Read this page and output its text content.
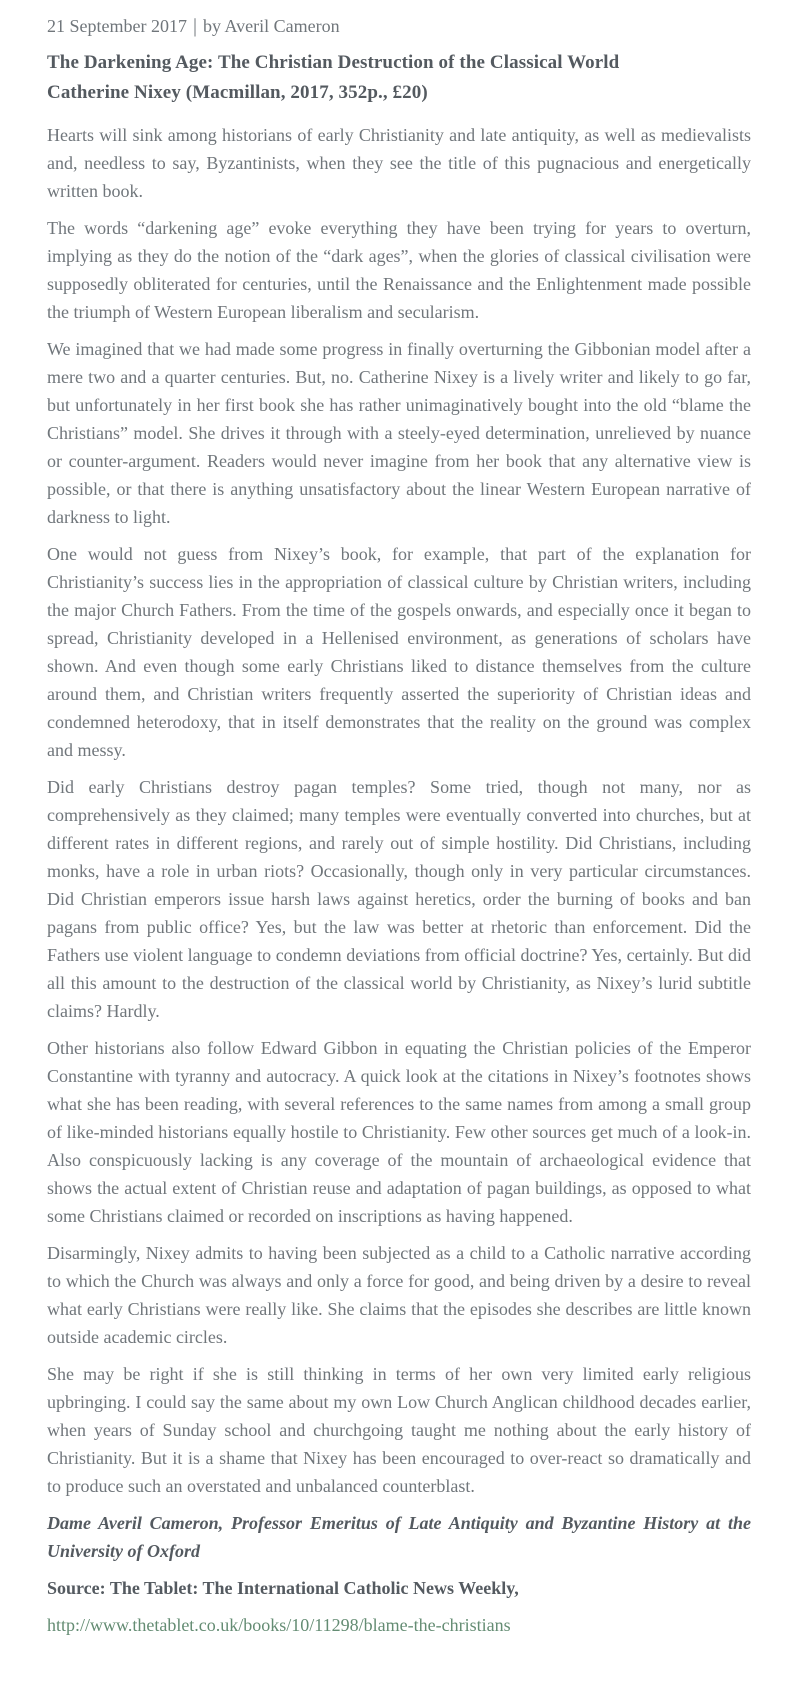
21 September 2017 | by Averil Cameron
The Darkening Age: The Christian Destruction of the Classical World
Catherine Nixey (Macmillan, 2017, 352p., £20)

Hearts will sink among historians of early Christianity and late antiquity, as well as medievalists and, needless to say, Byzantinists, when they see the title of this pugnacious and energetically written book.

The words “darkening age” evoke everything they have been trying for years to overturn, implying as they do the notion of the “dark ages”, when the glories of classical civilisation were supposedly obliterated for centuries, until the Renaissance and the Enlightenment made possible the triumph of Western European liberalism and secularism.

We imagined that we had made some progress in finally overturning the Gibbonian model after a mere two and a quarter centuries. But, no. Catherine Nixey is a lively writer and likely to go far, but unfortunately in her first book she has rather unimaginatively bought into the old “blame the Christians” model. She drives it through with a steely-eyed determination, unrelieved by nuance or counter-argument. Readers would never imagine from her book that any alternative view is possible, or that there is anything unsatisfactory about the linear Western European narrative of darkness to light.

One would not guess from Nixey’s book, for example, that part of the explanation for Christianity’s success lies in the appropriation of classical culture by Christian writers, including the major Church Fathers. From the time of the gospels onwards, and especially once it began to spread, Christianity developed in a Hellenised environment, as generations of scholars have shown. And even though some early Christians liked to distance themselves from the culture around them, and Christian writers frequently asserted the superiority of Christian ideas and condemned heterodoxy, that in itself demonstrates that the reality on the ground was complex and messy.

Did early Christians destroy pagan temples? Some tried, though not many, nor as comprehensively as they claimed; many temples were eventually converted into churches, but at different rates in different regions, and rarely out of simple hostility. Did Christians, including monks, have a role in urban riots? Occasionally, though only in very particular circumstances. Did Christian emperors issue harsh laws against heretics, order the burning of books and ban pagans from public office? Yes, but the law was better at rhetoric than enforcement. Did the Fathers use violent language to condemn deviations from official doctrine? Yes, certainly. But did all this amount to the destruction of the classical world by Christianity, as Nixey’s lurid subtitle claims? Hardly.

Other historians also follow Edward Gibbon in equating the Christian policies of the Emperor Constantine with tyranny and autocracy. A quick look at the citations in Nixey’s footnotes shows what she has been reading, with several references to the same names from among a small group of like-minded historians equally hostile to Christianity. Few other sources get much of a look-in. Also conspicuously lacking is any coverage of the mountain of archaeological evidence that shows the actual extent of Christian reuse and adaptation of pagan buildings, as opposed to what some Christians claimed or recorded on inscriptions as having happened.

Disarmingly, Nixey admits to having been subjected as a child to a Catholic narrative according to which the Church was always and only a force for good, and being driven by a desire to reveal what early Christians were really like. She claims that the episodes she describes are little known outside academic circles.

She may be right if she is still thinking in terms of her own very limited early religious upbringing. I could say the same about my own Low Church Anglican childhood decades earlier, when years of Sunday school and churchgoing taught me nothing about the early history of Christianity. But it is a shame that Nixey has been encouraged to over-react so dramatically and to produce such an overstated and unbalanced counterblast.

Dame Averil Cameron, Professor Emeritus of Late Antiquity and Byzantine History at the University of Oxford

Source: The Tablet: The International Catholic News Weekly,

http://www.thetablet.co.uk/books/10/11298/blame-the-christians
